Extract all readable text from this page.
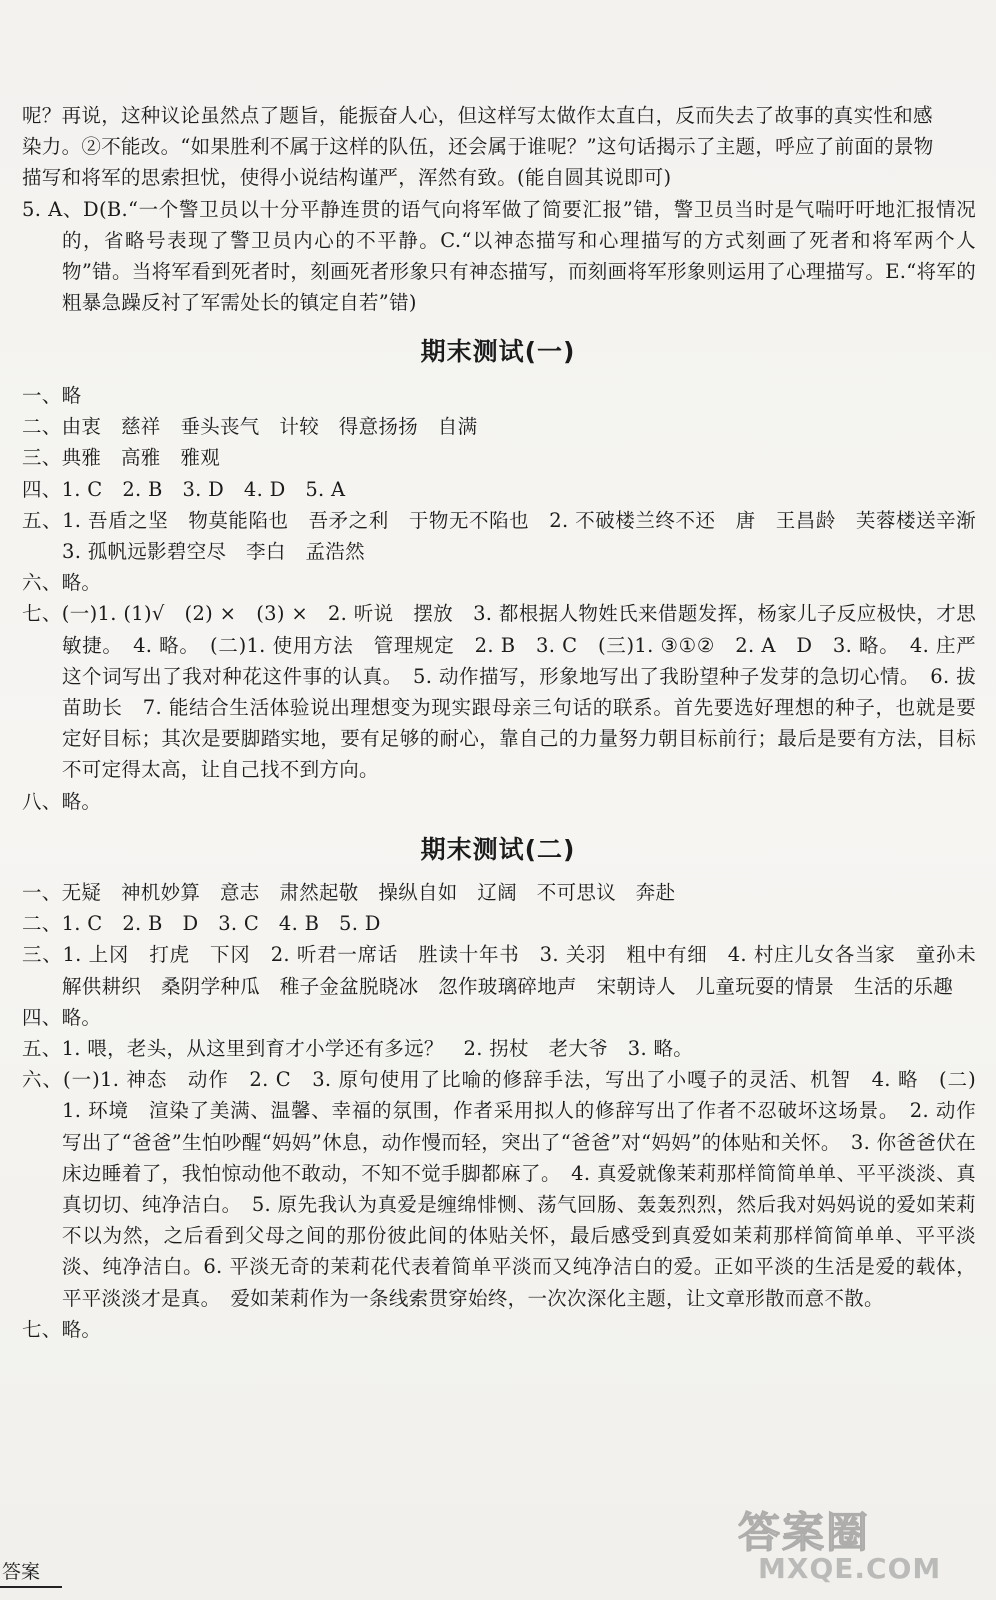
呢？再说，这种议论虽然点了题旨，能振奋人心，但这样写太做作太直白，反而失去了故事的真实性和感

染力。②不能改。“如果胜利不属于这样的队伍，还会属于谁呢？”这句话揭示了主题，呼应了前面的景物

描写和将军的思索担忧，使得小说结构谨严，浑然有致。(能自圆其说即可)

5. A、D(B.“一个警卫员以十分平静连贯的语气向将军做了简要汇报”错，警卫员当时是气喘吁吁地汇报情况的，省略号表现了警卫员内心的不平静。C.“以神态描写和心理描写的方式刻画了死者和将军两个人物”错。当将军看到死者时，刻画死者形象只有神态描写，而刻画将军形象则运用了心理描写。E.“将军的粗暴急躁反衬了军需处长的镇定自若”错)

期末测试(一)

一、略

二、由衷　慈祥　垂头丧气　计较　得意扬扬　自满

三、典雅　高雅　雅观

四、1. C　2. B　3. D　4. D　5. A

五、1. 吾盾之坚　物莫能陷也　吾矛之利　于物无不陷也　2. 不破楼兰终不还　唐　王昌龄　芙蓉楼送辛渐　3. 孤帆远影碧空尽　李白　孟浩然

六、略。

七、(一)1. (1)√　(2) ×　(3) ×　2. 听说　摆放　3. 都根据人物姓氏来借题发挥，杨家儿子反应极快，才思敏捷。　4. 略。　(二)1. 使用方法　管理规定　2. B　3. C　(三)1. ③①②　2. A　D　3. 略。　4. 庄严这个词写出了我对种花这件事的认真。　5. 动作描写，形象地写出了我盼望种子发芽的急切心情。　6. 拔苗助长　7. 能结合生活体验说出理想变为现实跟母亲三句话的联系。首先要选好理想的种子，也就是要定好目标；其次是要脚踏实地，要有足够的耐心，靠自己的力量努力朝目标前行；最后是要有方法，目标不可定得太高，让自己找不到方向。

八、略。

期末测试(二)

一、无疑　神机妙算　意志　肃然起敬　操纵自如　辽阔　不可思议　奔赴

二、1. C　2. B　D　3. C　4. B　5. D

三、1. 上冈　打虎　下冈　2. 听君一席话　胜读十年书　3. 关羽　粗中有细　4. 村庄儿女各当家　童孙未解供耕织　桑阴学种瓜　稚子金盆脱晓冰　忽作玻璃碎地声　宋朝诗人　儿童玩耍的情景　生活的乐趣

四、略。

五、1. 喂，老头，从这里到育才小学还有多远？　2. 拐杖　老大爷　3. 略。

六、(一)1. 神态　动作　2. C　3. 原句使用了比喻的修辞手法，写出了小嘎子的灵活、机智　4. 略　(二)　1. 环境　渲染了美满、温馨、幸福的氛围，作者采用拟人的修辞写出了作者不忍破坏这场景。　2. 动作　写出了“爸爸”生怕吵醒“妈妈”休息，动作慢而轻，突出了“爸爸”对“妈妈”的体贴和关怀。　3. 你爸爸伏在床边睡着了，我怕惊动他不敢动，不知不觉手脚都麻了。　4. 真爱就像茉莉那样简简单单、平平淡淡、真真切切、纯净洁白。　5. 原先我认为真爱是缠绵悱恻、荡气回肠、轰轰烈烈，然后我对妈妈说的爱如茉莉不以为然，之后看到父母之间的那份彼此间的体贴关怀，最后感受到真爱如茉莉那样简简单单、平平淡淡、纯净洁白。6. 平淡无奇的茉莉花代表着简单平淡而又纯净洁白的爱。正如平淡的生活是爱的载体，平平淡淡才是真。　爱如茉莉作为一条线索贯穿始终，一次次深化主题，让文章形散而意不散。

七、略。

答案
答案圈
MXQE.COM
